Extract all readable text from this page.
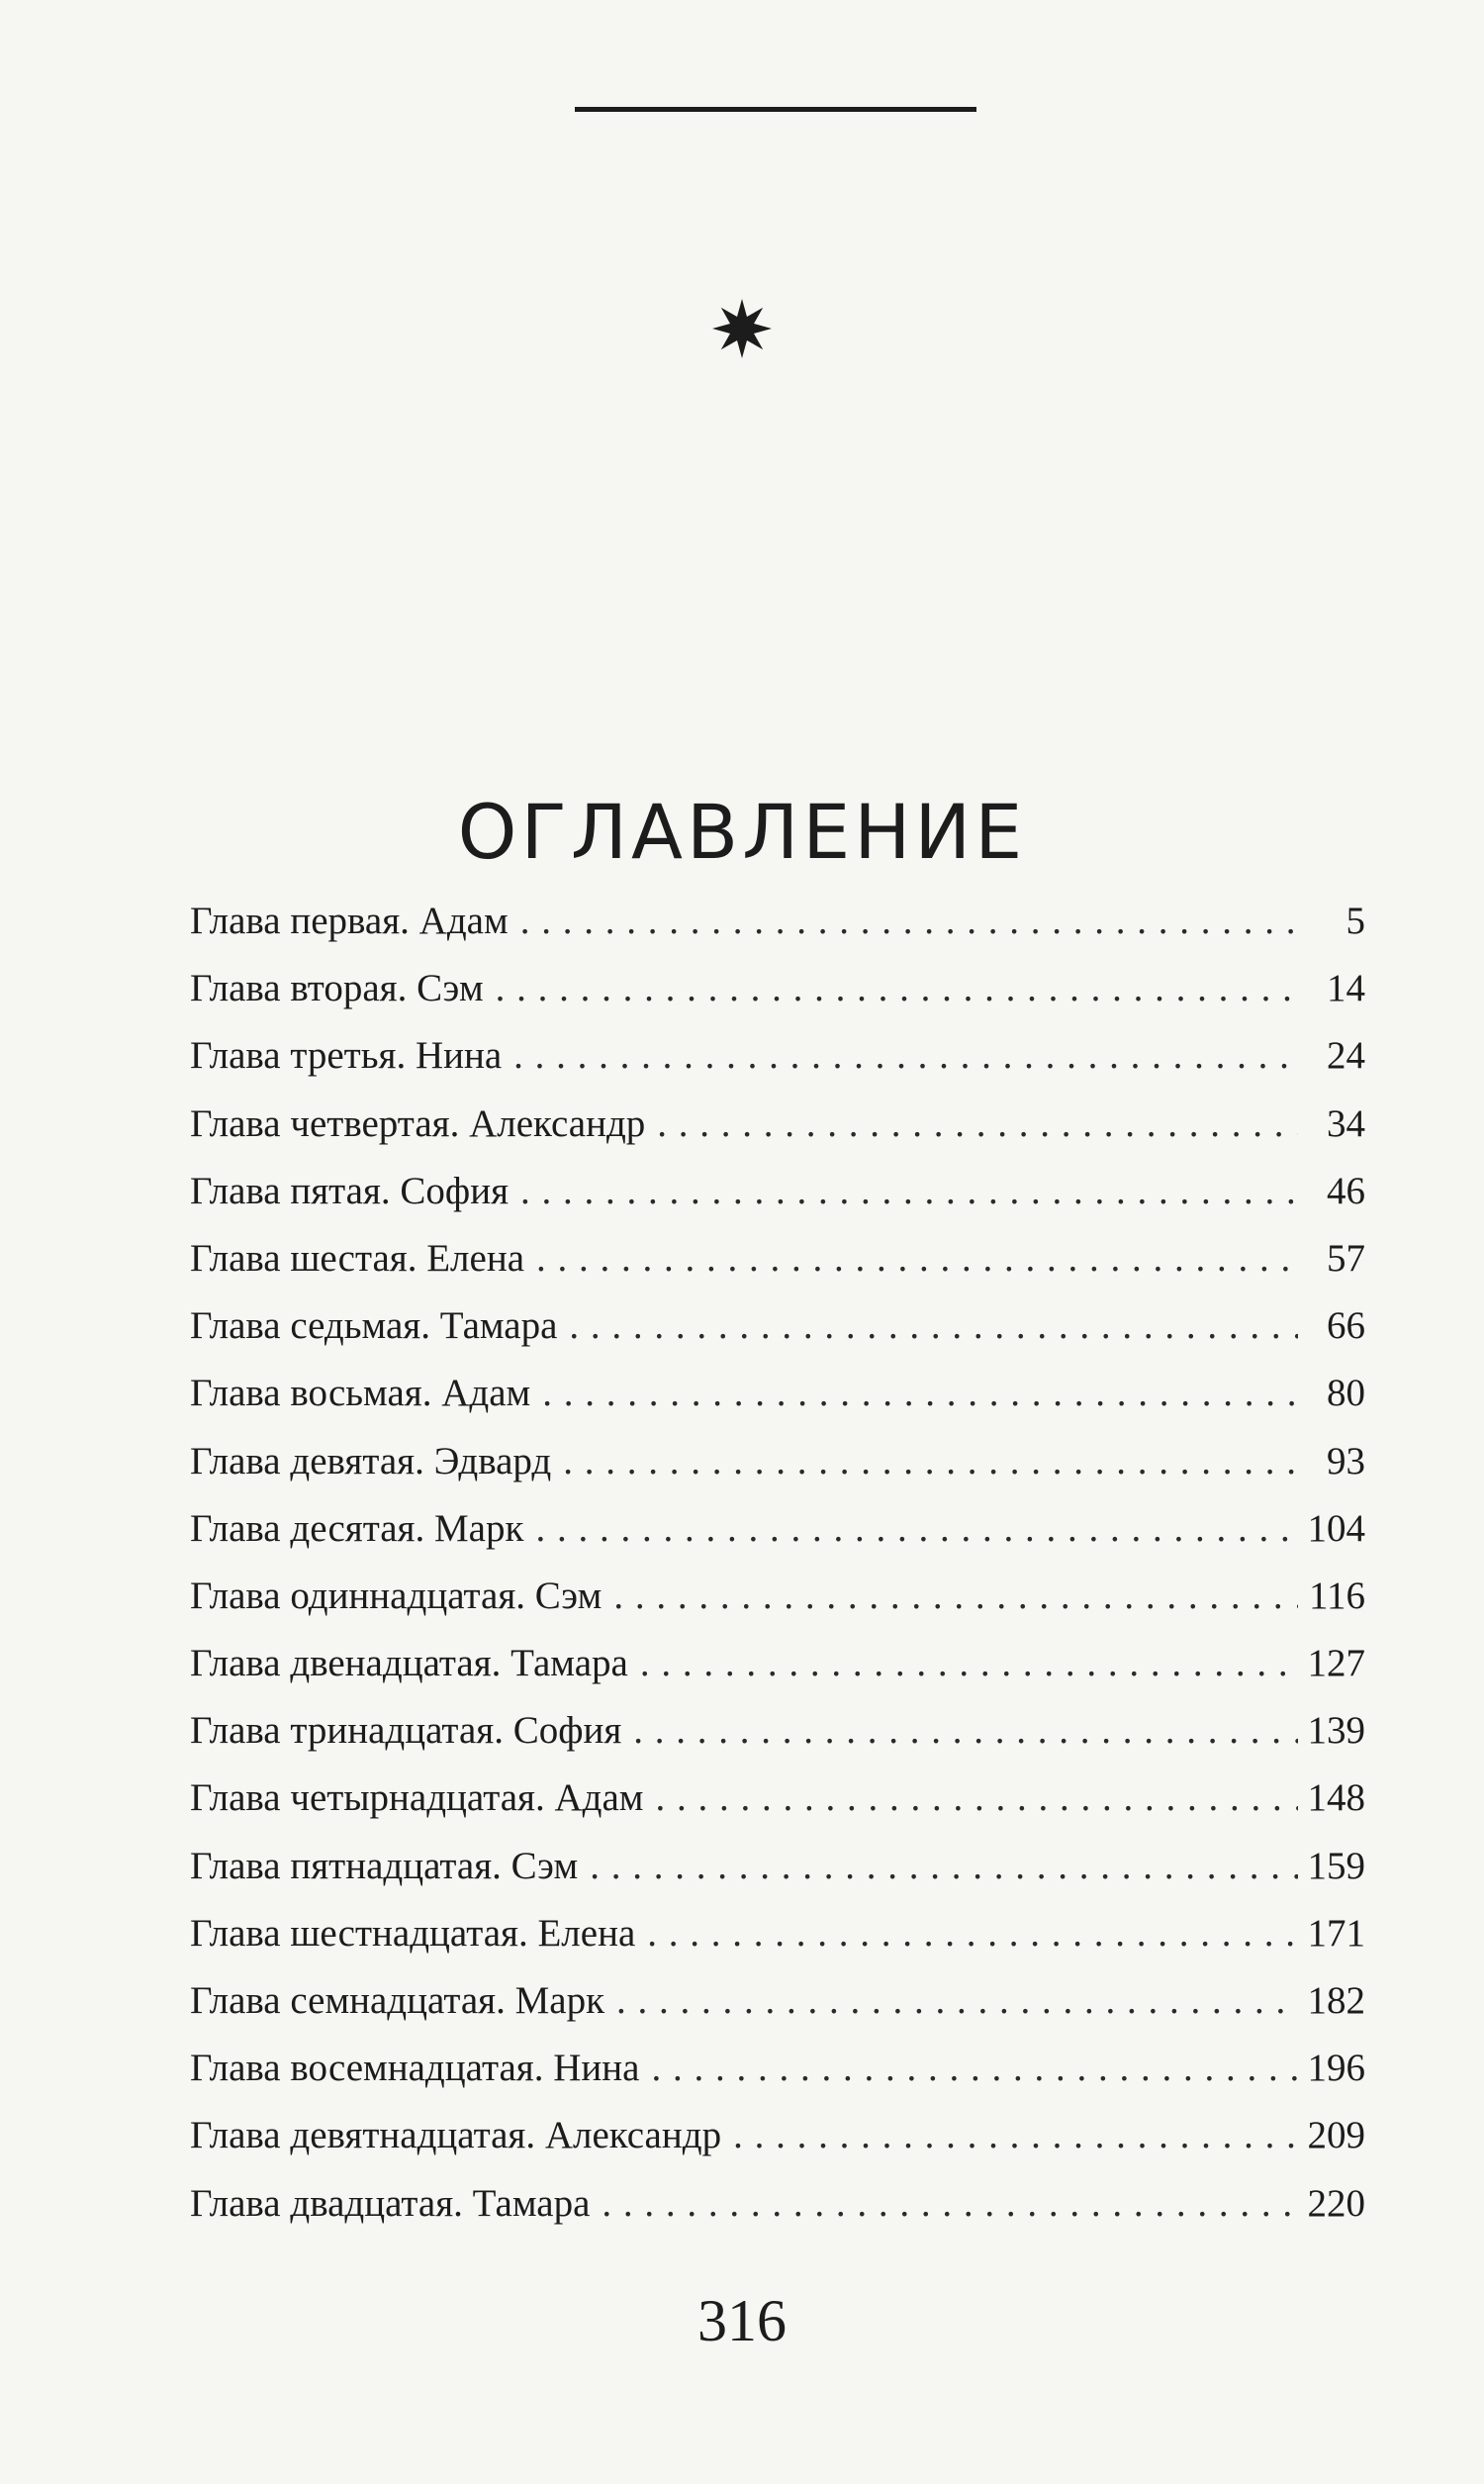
ОГЛАВЛЕНИЕ
Глава первая. Адам . . .	5
Глава вторая. Сэм . . .	14
Глава третья. Нина . . .	24
Глава четвертая. Александр . . .	34
Глава пятая. София . . .	46
Глава шестая. Елена . . .	57
Глава седьмая. Тамара . . .	66
Глава восьмая. Адам . . .	80
Глава девятая. Эдвард . . .	93
Глава десятая. Марк . . .	104
Глава одиннадцатая. Сэм . . .	116
Глава двенадцатая. Тамара . . .	127
Глава тринадцатая. София . . .	139
Глава четырнадцатая. Адам . . .	148
Глава пятнадцатая. Сэм . . .	159
Глава шестнадцатая. Елена . . .	171
Глава семнадцатая. Марк . . .	182
Глава восемнадцатая. Нина . . .	196
Глава девятнадцатая. Александр . . .	209
Глава двадцатая. Тамара . . .	220
316
